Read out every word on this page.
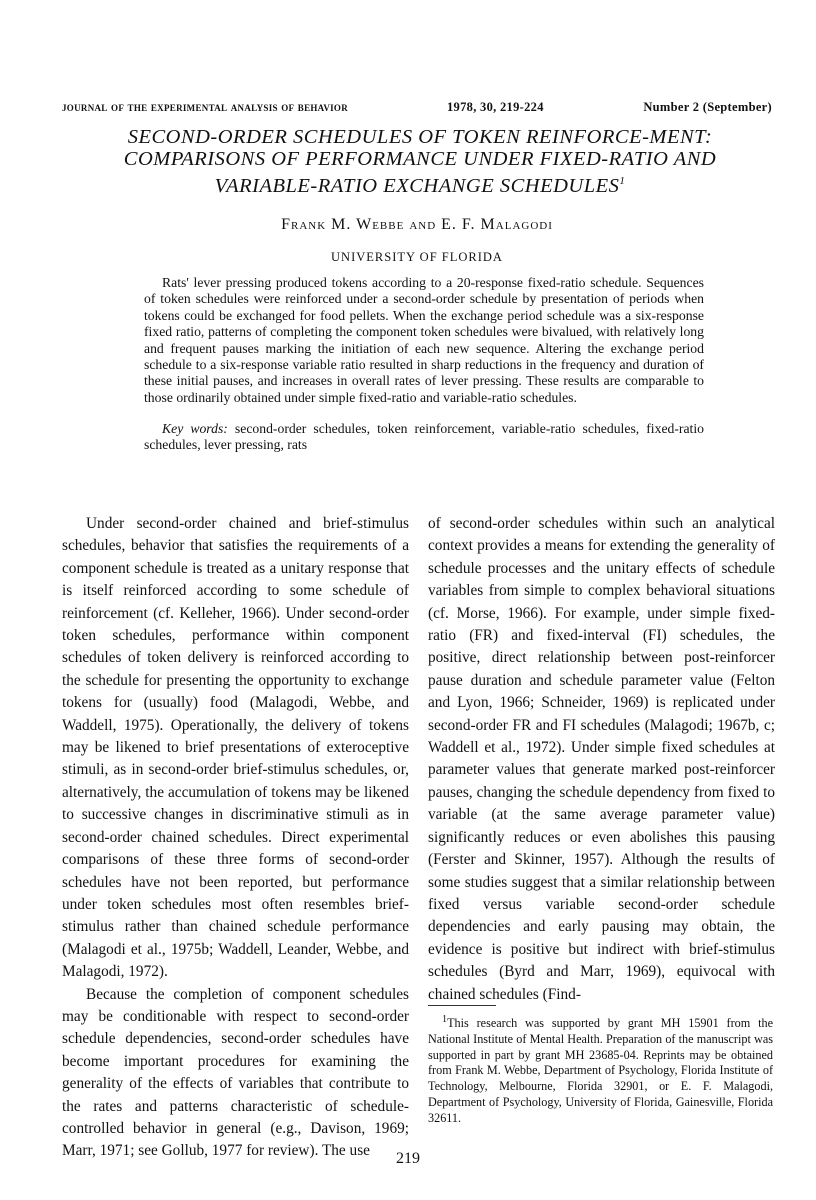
journal of the experimental analysis of behavior	1978, 30, 219-224	Number 2 (September)
SECOND-ORDER SCHEDULES OF TOKEN REINFORCE-MENT: COMPARISONS OF PERFORMANCE UNDER FIXED-RATIO AND VARIABLE-RATIO EXCHANGE SCHEDULES$^1$
Frank M. Webbe and E. F. Malagodi
UNIVERSITY OF FLORIDA

Rats' lever pressing produced tokens according to a 20-response fixed-ratio schedule. Sequences of token schedules were reinforced under a second-order schedule by presentation of periods when tokens could be exchanged for food pellets. When the exchange period schedule was a six-response fixed ratio, patterns of completing the component token schedules were bivalued, with relatively long and frequent pauses marking the initiation of each new sequence. Altering the exchange period schedule to a six-response variable ratio resulted in sharp reductions in the frequency and duration of these initial pauses, and increases in overall rates of lever pressing. These results are comparable to those ordinarily obtained under simple fixed-ratio and variable-ratio schedules.

Key words: second-order schedules, token reinforcement, variable-ratio schedules, fixed-ratio schedules, lever pressing, rats

Under second-order chained and brief-stimulus schedules, behavior that satisfies the requirements of a component schedule is treated as a unitary response that is itself reinforced according to some schedule of reinforcement (cf. Kelleher, 1966). Under second-order token schedules, performance within component schedules of token delivery is reinforced according to the schedule for presenting the opportunity to exchange tokens for (usually) food (Malagodi, Webbe, and Waddell, 1975). Operationally, the delivery of tokens may be likened to brief presentations of exteroceptive stimuli, as in second-order brief-stimulus schedules, or, alternatively, the accumulation of tokens may be likened to successive changes in discriminative stimuli as in second-order chained schedules. Direct experimental comparisons of these three forms of second-order schedules have not been reported, but performance under token schedules most often resembles brief-stimulus rather than chained schedule performance (Malagodi et al., 1975b; Waddell, Leander, Webbe, and Malagodi, 1972).

Because the completion of component schedules may be conditionable with respect to second-order schedule dependencies, second-order schedules have become important procedures for examining the generality of the effects of variables that contribute to the rates and patterns characteristic of schedule-controlled behavior in general (e.g., Davison, 1969; Marr, 1971; see Gollub, 1977 for review). The use

of second-order schedules within such an analytical context provides a means for extending the generality of schedule processes and the unitary effects of schedule variables from simple to complex behavioral situations (cf. Morse, 1966). For example, under simple fixed-ratio (FR) and fixed-interval (FI) schedules, the positive, direct relationship between post-reinforcer pause duration and schedule parameter value (Felton and Lyon, 1966; Schneider, 1969) is replicated under second-order FR and FI schedules (Malagodi; 1967b, c; Waddell et al., 1972). Under simple fixed schedules at parameter values that generate marked post-reinforcer pauses, changing the schedule dependency from fixed to variable (at the same average parameter value) significantly reduces or even abolishes this pausing (Ferster and Skinner, 1957). Although the results of some studies suggest that a similar relationship between fixed versus variable second-order schedule dependencies and early pausing may obtain, the evidence is positive but indirect with brief-stimulus schedules (Byrd and Marr, 1969), equivocal with chained schedules (Find-

$^1$This research was supported by grant MH 15901 from the National Institute of Mental Health. Preparation of the manuscript was supported in part by grant MH 23685-04. Reprints may be obtained from Frank M. Webbe, Department of Psychology, Florida Institute of Technology, Melbourne, Florida 32901, or E. F. Malagodi, Department of Psychology, University of Florida, Gainesville, Florida 32611.

219
